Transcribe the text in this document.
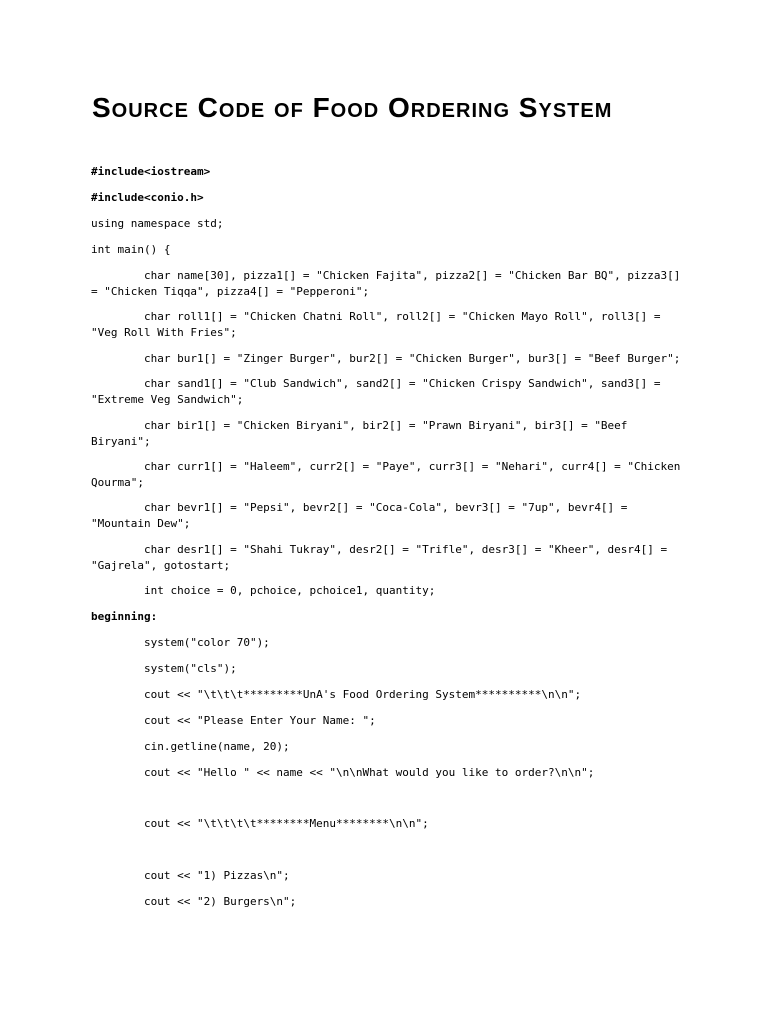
Source Code of Food Ordering System

#include<iostream>

#include<conio.h>

using namespace std;

int main() {

char name[30], pizza1[] = "Chicken Fajita", pizza2[] = "Chicken Bar BQ", pizza3[]

= "Chicken Tiqqa", pizza4[] = "Pepperoni";

char roll1[] = "Chicken Chatni Roll", roll2[] = "Chicken Mayo Roll", roll3[] =

"Veg Roll With Fries";

char bur1[] = "Zinger Burger", bur2[] = "Chicken Burger", bur3[] = "Beef Burger";

char sand1[] = "Club Sandwich", sand2[] = "Chicken Crispy Sandwich", sand3[] =

"Extreme Veg Sandwich";

char bir1[] = "Chicken Biryani", bir2[] = "Prawn Biryani", bir3[] = "Beef

Biryani";

char curr1[] = "Haleem", curr2[] = "Paye", curr3[] = "Nehari", curr4[] = "Chicken

Qourma";

char bevr1[] = "Pepsi", bevr2[] = "Coca-Cola", bevr3[] = "7up", bevr4[] =

"Mountain Dew";

char desr1[] = "Shahi Tukray", desr2[] = "Trifle", desr3[] = "Kheer", desr4[] =

"Gajrela", gotostart;

int choice = 0, pchoice, pchoice1, quantity;

beginning:

system("color 70");

system("cls");

cout << "\t\t\t*********UnA's Food Ordering System**********\n\n";

cout << "Please Enter Your Name: ";

cin.getline(name, 20);

cout << "Hello " << name << "\n\nWhat would you like to order?\n\n";

cout << "\t\t\t\t********Menu********\n\n";

cout << "1) Pizzas\n";

cout << "2) Burgers\n";
